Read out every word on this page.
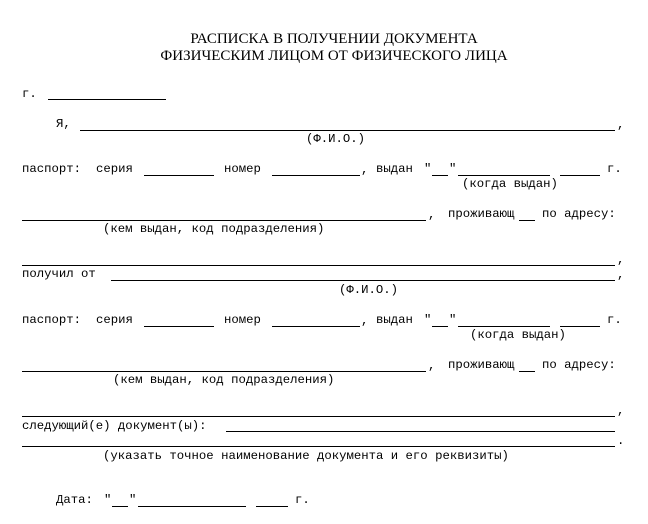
РАСПИСКА В ПОЛУЧЕНИИ ДОКУМЕНТА
ФИЗИЧЕСКИМ ЛИЦОМ ОТ ФИЗИЧЕСКОГО ЛИЦА
г.
Я,	,
(Ф.И.О.)
паспорт: серия	номер	, выдан " "	г.
(когда выдан)
, проживающ по адресу:
(кем выдан, код подразделения)
,
получил от	,
(Ф.И.О.)
паспорт: серия	номер	, выдан " "	г.
(когда выдан)
, проживающ по адресу:
(кем выдан, код подразделения)
,
следующий(е) документ(ы):
.
(указать точное наименование документа и его реквизиты)
Дата: " "	г.
